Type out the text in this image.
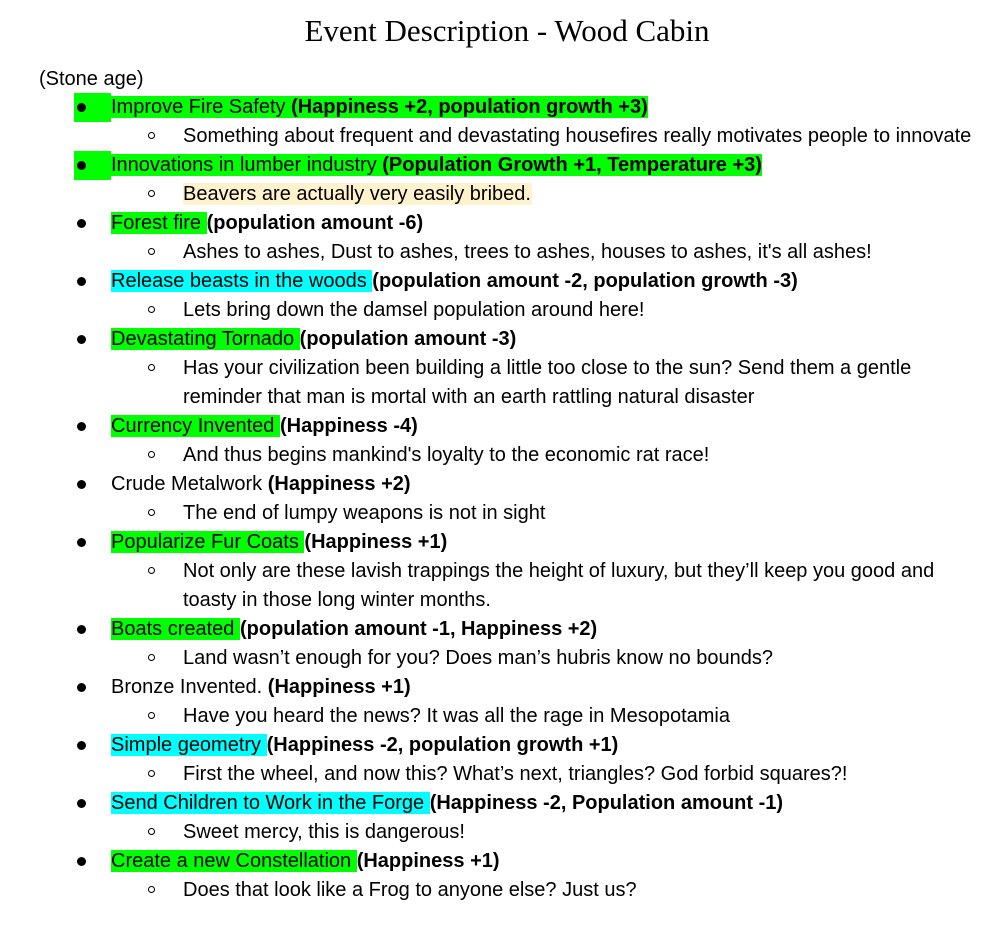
Event Description - Wood Cabin
(Stone age)
Improve Fire Safety (Happiness +2, population growth +3)
Something about frequent and devastating housefires really motivates people to innovate
Innovations in lumber industry (Population Growth +1, Temperature +3)
Beavers are actually very easily bribed.
Forest fire (population amount -6)
Ashes to ashes, Dust to ashes, trees to ashes, houses to ashes, it's all ashes!
Release beasts in the woods (population amount -2, population growth -3)
Lets bring down the damsel population around here!
Devastating Tornado (population amount -3)
Has your civilization been building a little too close to the sun? Send them a gentle reminder that man is mortal with an earth rattling natural disaster
Currency Invented (Happiness -4)
And thus begins mankind's loyalty to the economic rat race!
Crude Metalwork (Happiness +2)
The end of lumpy weapons is not in sight
Popularize Fur Coats (Happiness +1)
Not only are these lavish trappings the height of luxury, but they’ll keep you good and toasty in those long winter months.
Boats created (population amount -1, Happiness +2)
Land wasn’t enough for you? Does man’s hubris know no bounds?
Bronze Invented. (Happiness +1)
Have you heard the news? It was all the rage in Mesopotamia
Simple geometry (Happiness -2, population growth +1)
First the wheel, and now this? What’s next, triangles? God forbid squares?!
Send Children to Work in the Forge (Happiness -2, Population amount -1)
Sweet mercy, this is dangerous!
Create a new Constellation (Happiness +1)
Does that look like a Frog to anyone else? Just us?
